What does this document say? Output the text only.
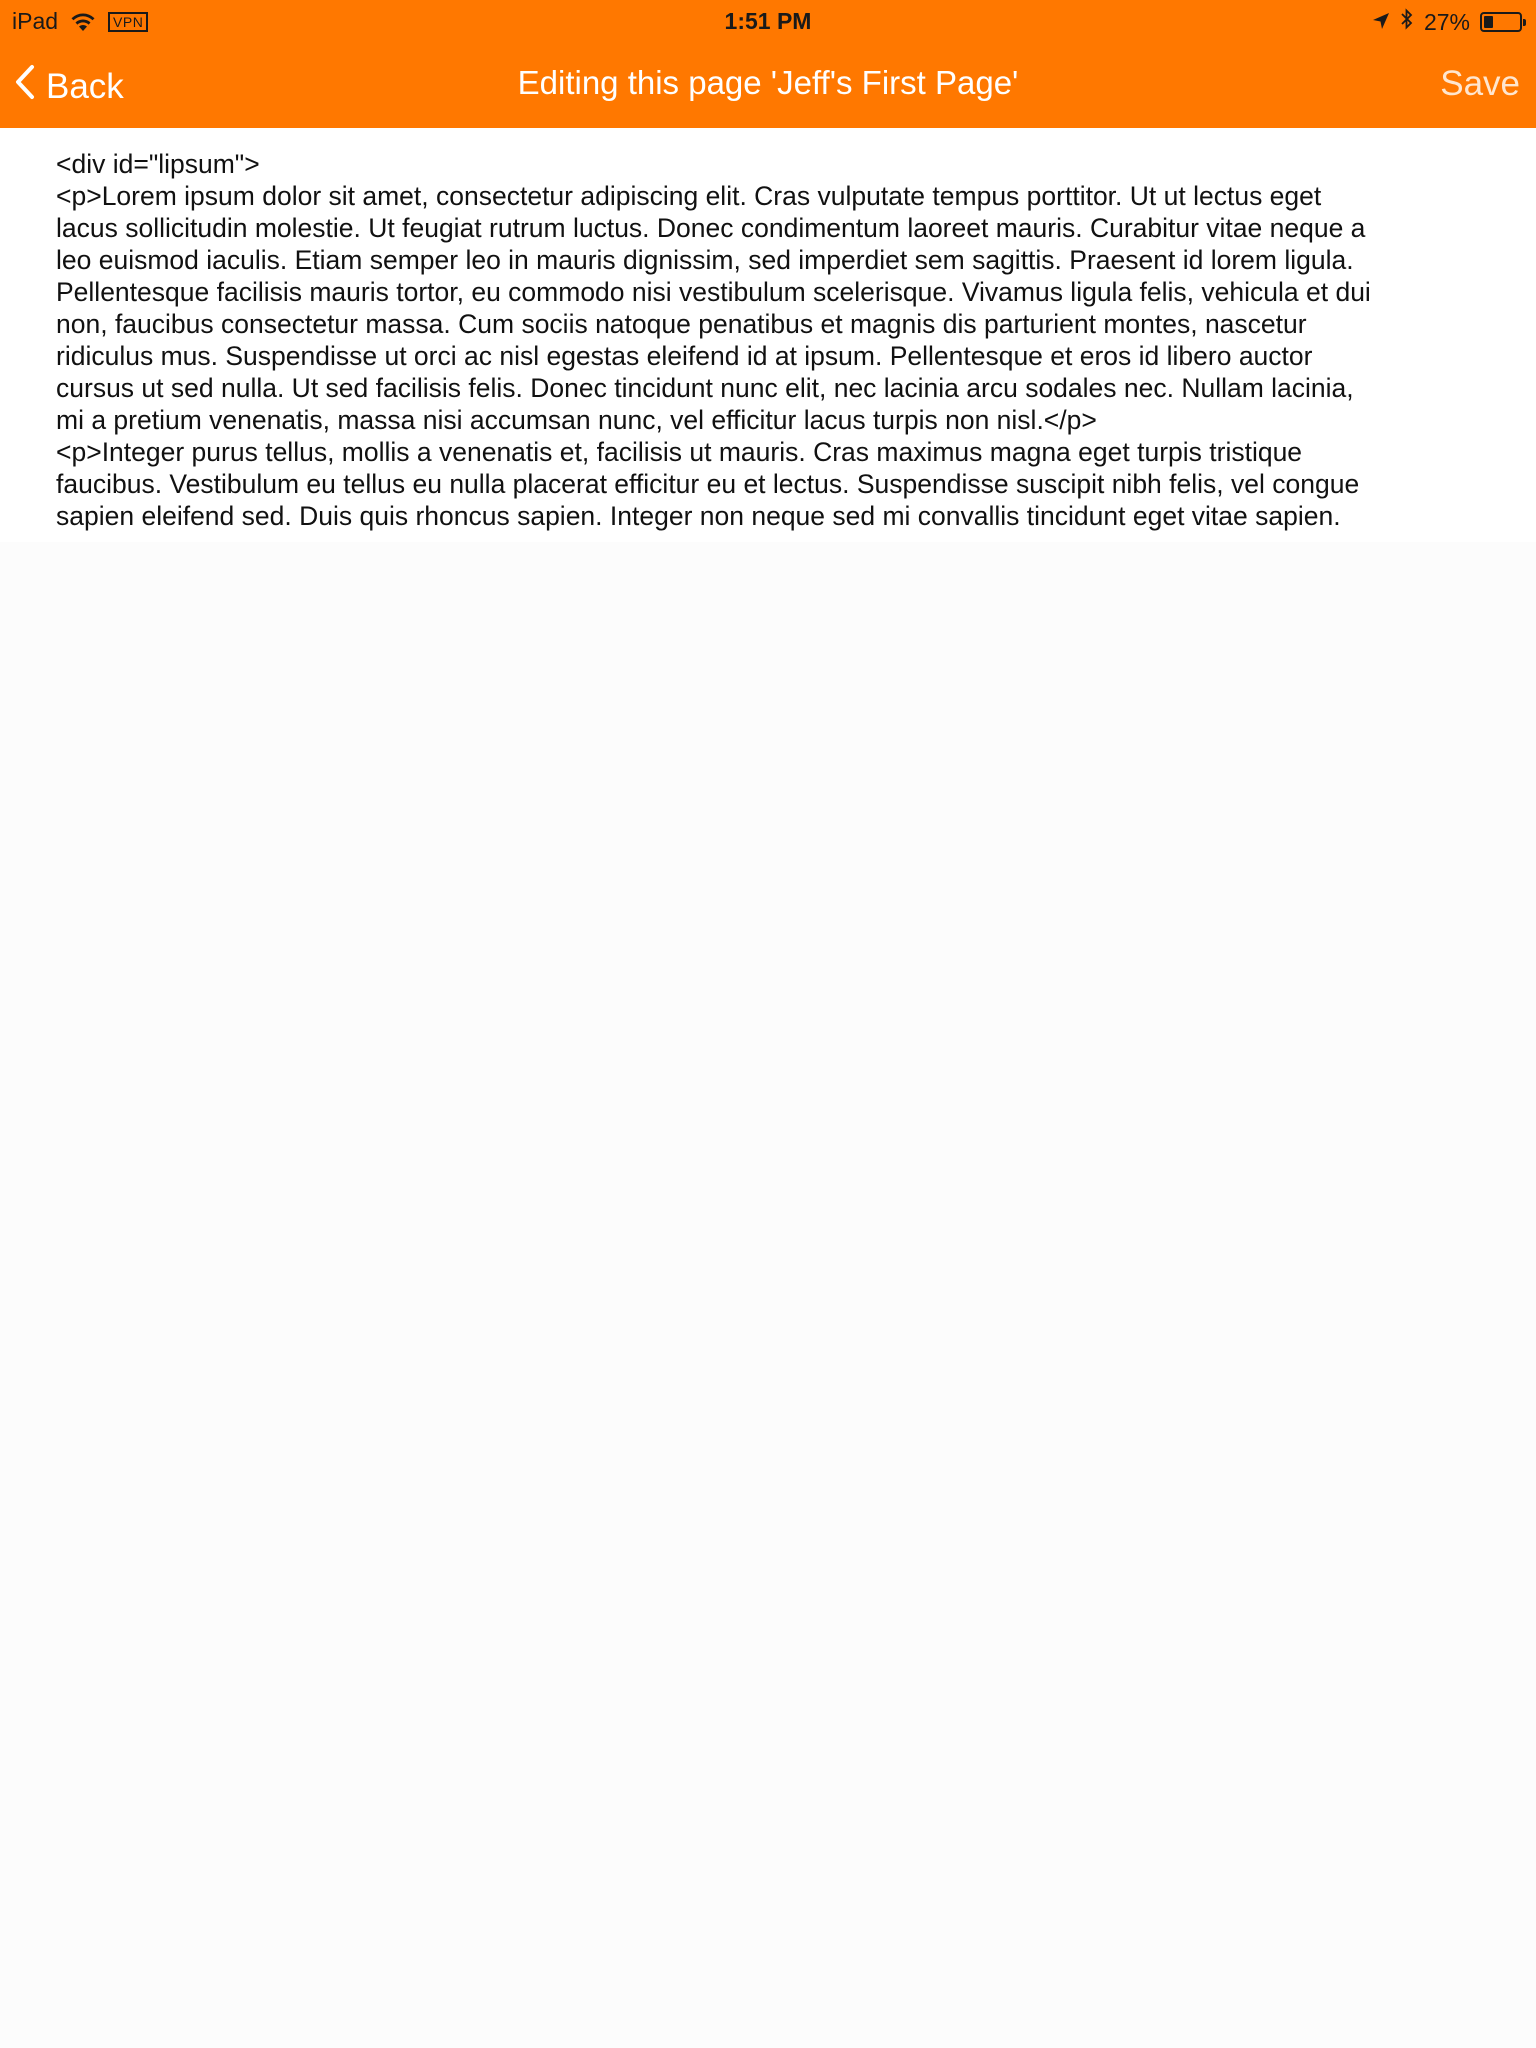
iPad	VPN	1:51 PM	27%
Back	Editing this page 'Jeff's First Page'	Save
<div id="lipsum">
<p>Lorem ipsum dolor sit amet, consectetur adipiscing elit. Cras vulputate tempus porttitor. Ut ut lectus eget
lacus sollicitudin molestie. Ut feugiat rutrum luctus. Donec condimentum laoreet mauris. Curabitur vitae neque a
leo euismod iaculis. Etiam semper leo in mauris dignissim, sed imperdiet sem sagittis. Praesent id lorem ligula.
Pellentesque facilisis mauris tortor, eu commodo nisi vestibulum scelerisque. Vivamus ligula felis, vehicula et dui
non, faucibus consectetur massa. Cum sociis natoque penatibus et magnis dis parturient montes, nascetur
ridiculus mus. Suspendisse ut orci ac nisl egestas eleifend id at ipsum. Pellentesque et eros id libero auctor
cursus ut sed nulla. Ut sed facilisis felis. Donec tincidunt nunc elit, nec lacinia arcu sodales nec. Nullam lacinia,
mi a pretium venenatis, massa nisi accumsan nunc, vel efficitur lacus turpis non nisl.</p>
<p>Integer purus tellus, mollis a venenatis et, facilisis ut mauris. Cras maximus magna eget turpis tristique
faucibus. Vestibulum eu tellus eu nulla placerat efficitur eu et lectus. Suspendisse suscipit nibh felis, vel congue
sapien eleifend sed. Duis quis rhoncus sapien. Integer non neque sed mi convallis tincidunt eget vitae sapien.
